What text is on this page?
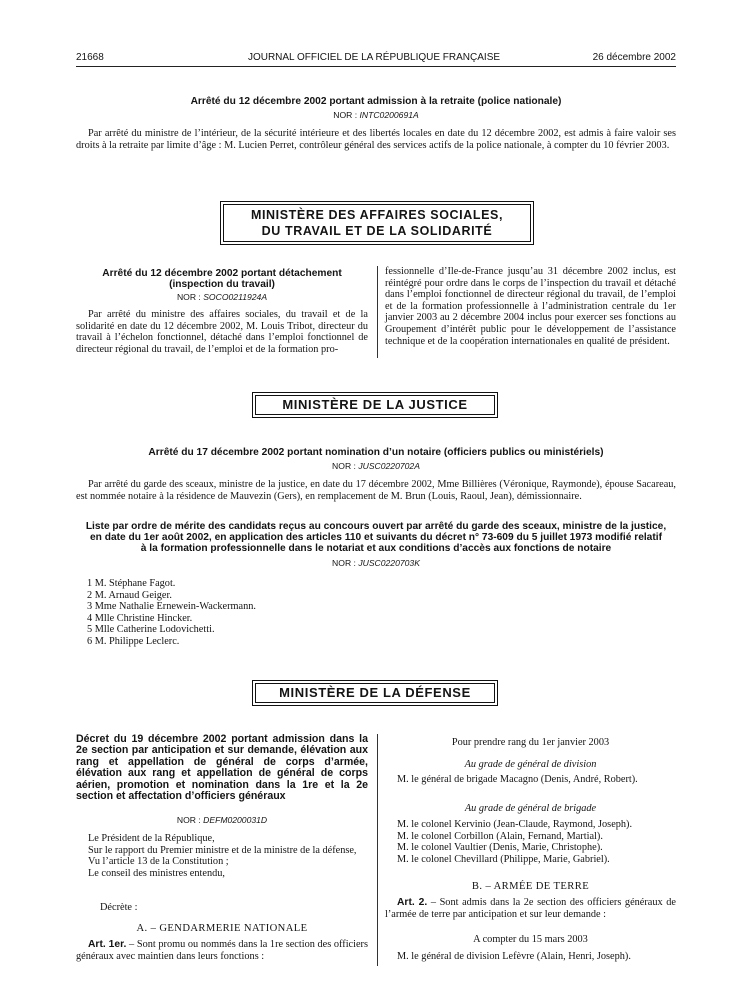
21668	JOURNAL OFFICIEL DE LA RÉPUBLIQUE FRANÇAISE	26 décembre 2002
Arrêté du 12 décembre 2002 portant admission à la retraite (police nationale)
NOR : INTC0200691A
Par arrêté du ministre de l’intérieur, de la sécurité intérieure et des libertés locales en date du 12 décembre 2002, est admis à faire valoir ses droits à la retraite par limite d’âge : M. Lucien Perret, contrôleur général des services actifs de la police nationale, à compter du 10 février 2003.
MINISTÈRE DES AFFAIRES SOCIALES,
DU TRAVAIL ET DE LA SOLIDARITÉ
Arrêté du 12 décembre 2002 portant détachement
(inspection du travail)
NOR : SOCO0211924A
Par arrêté du ministre des affaires sociales, du travail et de la solidarité en date du 12 décembre 2002, M. Louis Tribot, directeur du travail à l’échelon fonctionnel, détaché dans l’emploi fonctionnel de directeur régional du travail, de l’emploi et de la formation pro-
fessionnelle d’Ile-de-France jusqu’au 31 décembre 2002 inclus, est réintégré pour ordre dans le corps de l’inspection du travail et détaché dans l’emploi fonctionnel de directeur régional du travail, de l’emploi et de la formation professionnelle à l’administration centrale du 1er janvier 2003 au 2 décembre 2004 inclus pour exercer ses fonctions au Groupement d’intérêt public pour le développement de l’assistance technique et de la coopération internationales en qualité de président.
MINISTÈRE DE LA JUSTICE
Arrêté du 17 décembre 2002 portant nomination d’un notaire (officiers publics ou ministériels)
NOR : JUSC0220702A
Par arrêté du garde des sceaux, ministre de la justice, en date du 17 décembre 2002, Mme Billières (Véronique, Raymonde), épouse Sacareau, est nommée notaire à la résidence de Mauvezin (Gers), en remplacement de M. Brun (Louis, Raoul, Jean), démissionnaire.
Liste par ordre de mérite des candidats reçus au concours ouvert par arrêté du garde des sceaux, ministre de la justice,
en date du 1er août 2002, en application des articles 110 et suivants du décret n° 73-609 du 5 juillet 1973 modifié relatif
à la formation professionnelle dans le notariat et aux conditions d’accès aux fonctions de notaire
NOR : JUSC0220703K
1 M. Stéphane Fagot.
2 M. Arnaud Geiger.
3 Mme Nathalie Ernewein-Wackermann.
4 Mlle Christine Hincker.
5 Mlle Catherine Lodovichetti.
6 M. Philippe Leclerc.
MINISTÈRE DE LA DÉFENSE
Décret du 19 décembre 2002 portant admission dans la 2e section par anticipation et sur demande, élévation aux rang et appellation de général de corps d’armée, élévation aux rang et appellation de général de corps aérien, promotion et nomination dans la 1re et la 2e section et affectation d’officiers généraux
NOR : DEFM0200031D
Le Président de la République,
Sur le rapport du Premier ministre et de la ministre de la défense,
Vu l’article 13 de la Constitution ;
Le conseil des ministres entendu,
Décrète :
A. – GENDARMERIE NATIONALE
Art. 1er. – Sont promu ou nommés dans la 1re section des officiers généraux avec maintien dans leurs fonctions :
Pour prendre rang du 1er janvier 2003
Au grade de général de division
M. le général de brigade Macagno (Denis, André, Robert).
Au grade de général de brigade
M. le colonel Kervinio (Jean-Claude, Raymond, Joseph).
M. le colonel Corbillon (Alain, Fernand, Martial).
M. le colonel Vaultier (Denis, Marie, Christophe).
M. le colonel Chevillard (Philippe, Marie, Gabriel).
B. – ARMÉE DE TERRE
Art. 2. – Sont admis dans la 2e section des officiers généraux de l’armée de terre par anticipation et sur leur demande :
A compter du 15 mars 2003
M. le général de division Lefèvre (Alain, Henri, Joseph).
